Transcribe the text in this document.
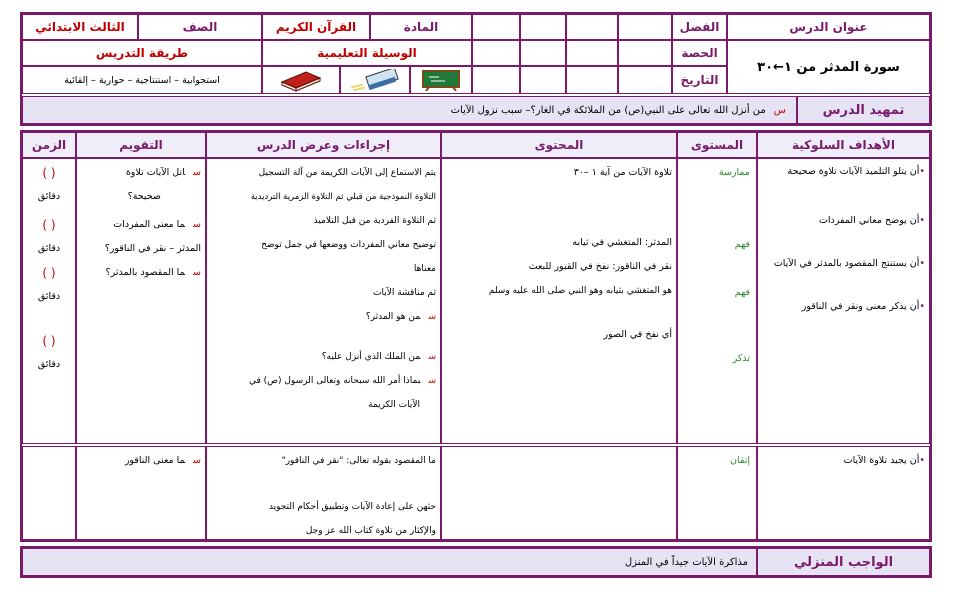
عنوان الدرس
الفصل
المادة
القرآن الكريم
الصف
الثالث الابتدائي
سورة المدثر من ١←٣٠
الحصة
الوسيلة التعليمية
طريقة التدريس
التاريخ
استجوابية – استنتاجية – حوارية – إلقائية
تمهيد الدرس
س
من أنزل الله تعالى على النبي(ص) من الملائكة في الغار؟– سبب نزول الآيات
الأهداف السلوكية
المستوى
المحتوى
إجراءات وعرض الدرس
التقويم
الزمن
•أن يتلو التلميذ الآيات تلاوة صحيحة
•أن يوضح معاني المفردات
•أن يستنتج المقصود بالمدثر في الآيات
•أن يذكر معنى ونقر في الناقور
ممارسة
فهم
فهم
تذكر
تلاوة الآيات من آية ١ –٣٠
المدثر: المتغشي في ثيابه
نقر في الناقور: نفخ في القبور للبعث
هو المتغشي بثيابه وهو النبي صلى الله عليه وسلم
أي نفخ في الصور
يتم الاستماع إلى الآيات الكريمة من آلة التسجيل
التلاوة النموذجية من قبلي ثم التلاوة الزمرية الترديدية
ثم التلاوة الفردية من قبل التلاميذ
توضيح معاني المفردات ووضعها في جمل توضح
معناها
ثم مناقشة الآيات
سمن هو المدثر؟
سمن الملك الذي أنزل عليه؟
سبماذا أمر الله سبحانه وتعالى الرسول (ص) في
الآيات الكريمة
ساتل الآيات تلاوة
صحيحة؟
سما معنى المفردات
المدثر – نقر في الناقور؟
سما المقصود بالمدثر؟
( )
دقائق
( )
دقائق
( )
دقائق
( )
دقائق
•أن يجيد تلاوة الآيات
إتقان
ما المقصود بقوله تعالى: "نقر في الناقور"
حثهن على إعادة الآيات وتطبيق أحكام التجويد
والإكثار من تلاوة كتاب الله عز وجل
سما معنى الناقور
الواجب المنزلي
مذاكرة الآيات جيداً في المنزل
